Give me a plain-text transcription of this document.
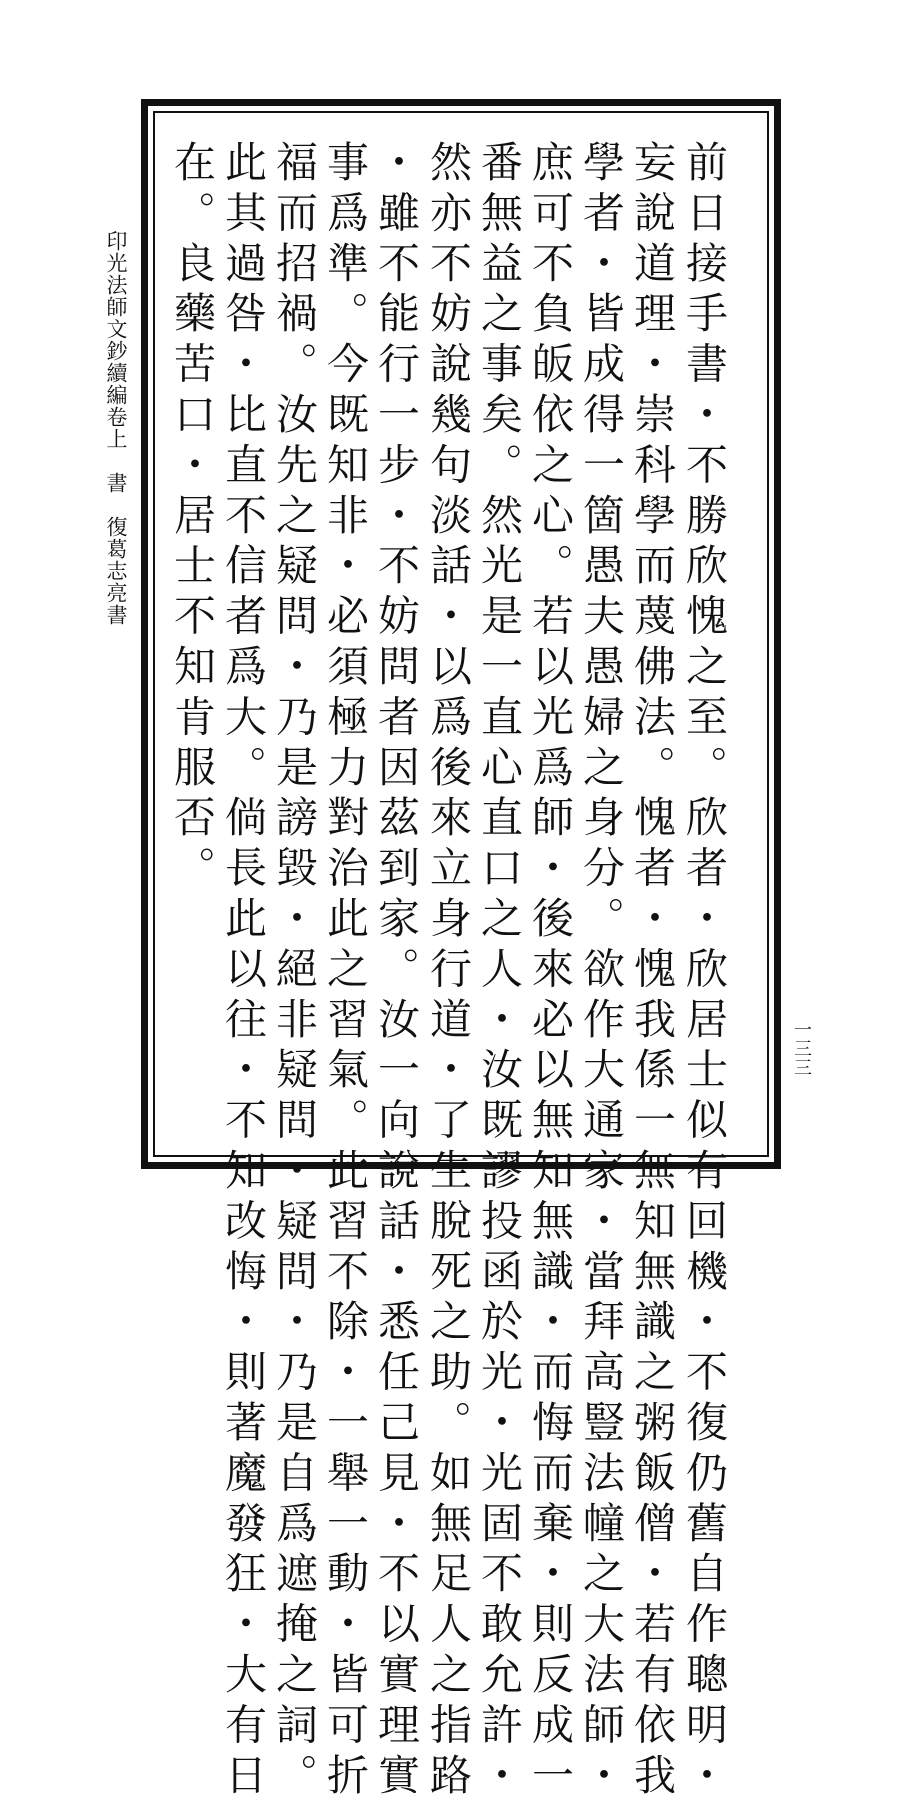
印光法師文鈔續編卷上　書　復葛志亮書	前日接手書・不勝欣愧之至。欣者・欣居士似有回機・不復仍舊自作聰明・
妄說道理・崇科學而蔑佛法。愧者・愧我係一無知無識之粥飯僧・若有依我
學者・皆成得一箇愚夫愚婦之身分。欲作大通家・當拜高豎法幢之大法師・
庶可不負皈依之心。若以光爲師・後來必以無知無識・而悔而棄・則反成一
番無益之事矣。然光是一直心直口之人・汝既謬投函於光・光固不敢允許・
然亦不妨說幾句淡話・以爲後來立身行道・了生脫死之助。如無足人之指路
・雖不能行一步・不妨問者因茲到家。汝一向說話・悉任己見・不以實理實
事爲準。今既知非・必須極力對治此之習氣。此習不除・一舉一動・皆可折
福而招禍。汝先之疑問・乃是謗毀・絕非疑問・疑問・乃是自爲遮掩之詞。
此其過咎・比直不信者爲大。倘長此以往・不知改悔・則著魔發狂・大有日
在。良藥苦口・居士不知肯服否。
一三三
